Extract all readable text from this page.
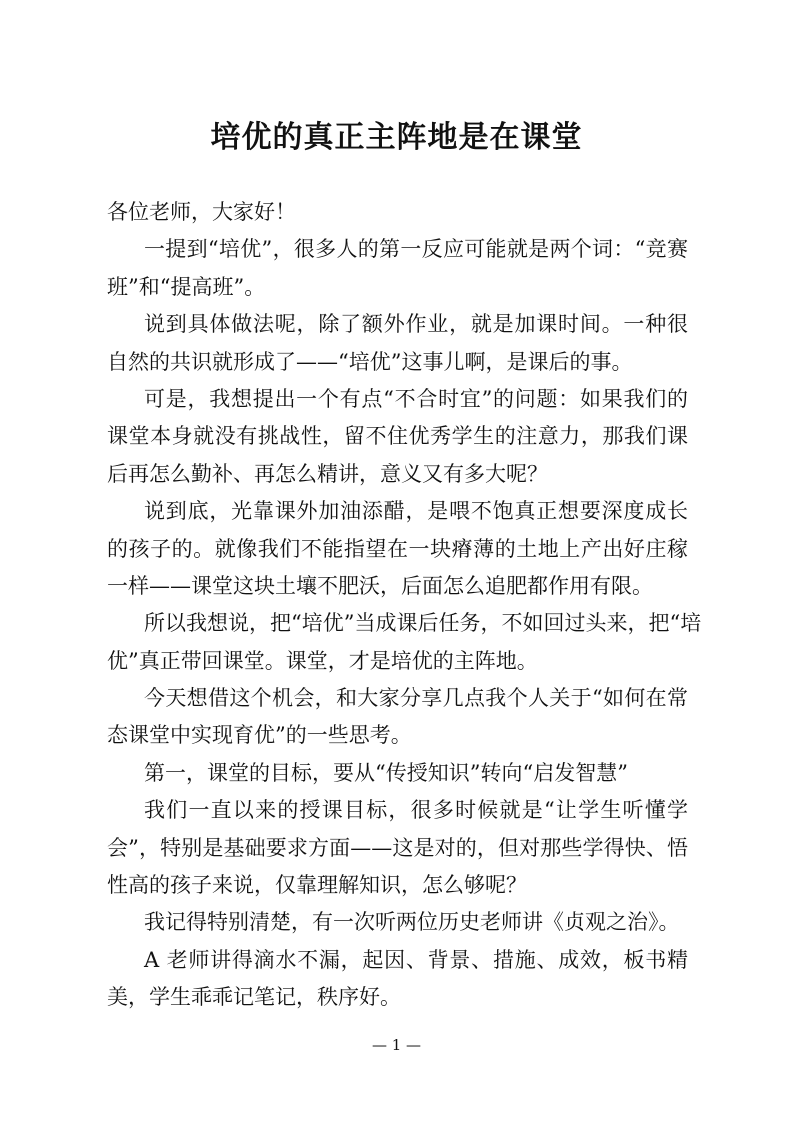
培优的真正主阵地是在课堂
各位老师，大家好！
一提到“培优”，很多人的第一反应可能就是两个词：“竞赛
班”和“提高班”。
说到具体做法呢，除了额外作业，就是加课时间。一种很
自然的共识就形成了——“培优”这事儿啊，是课后的事。
可是，我想提出一个有点“不合时宜”的问题：如果我们的
课堂本身就没有挑战性，留不住优秀学生的注意力，那我们课
后再怎么勤补、再怎么精讲，意义又有多大呢？
说到底，光靠课外加油添醋，是喂不饱真正想要深度成长
的孩子的。就像我们不能指望在一块瘠薄的土地上产出好庄稼
一样——课堂这块土壤不肥沃，后面怎么追肥都作用有限。
所以我想说，把“培优”当成课后任务，不如回过头来，把“培
优”真正带回课堂。课堂，才是培优的主阵地。
今天想借这个机会，和大家分享几点我个人关于“如何在常
态课堂中实现育优”的一些思考。
第一，课堂的目标，要从“传授知识”转向“启发智慧”
我们一直以来的授课目标，很多时候就是“让学生听懂学
会”，特别是基础要求方面——这是对的，但对那些学得快、悟
性高的孩子来说，仅靠理解知识，怎么够呢？
我记得特别清楚，有一次听两位历史老师讲《贞观之治》。
A 老师讲得滴水不漏，起因、背景、措施、成效，板书精
美，学生乖乖记笔记，秩序好。
— 1 —
